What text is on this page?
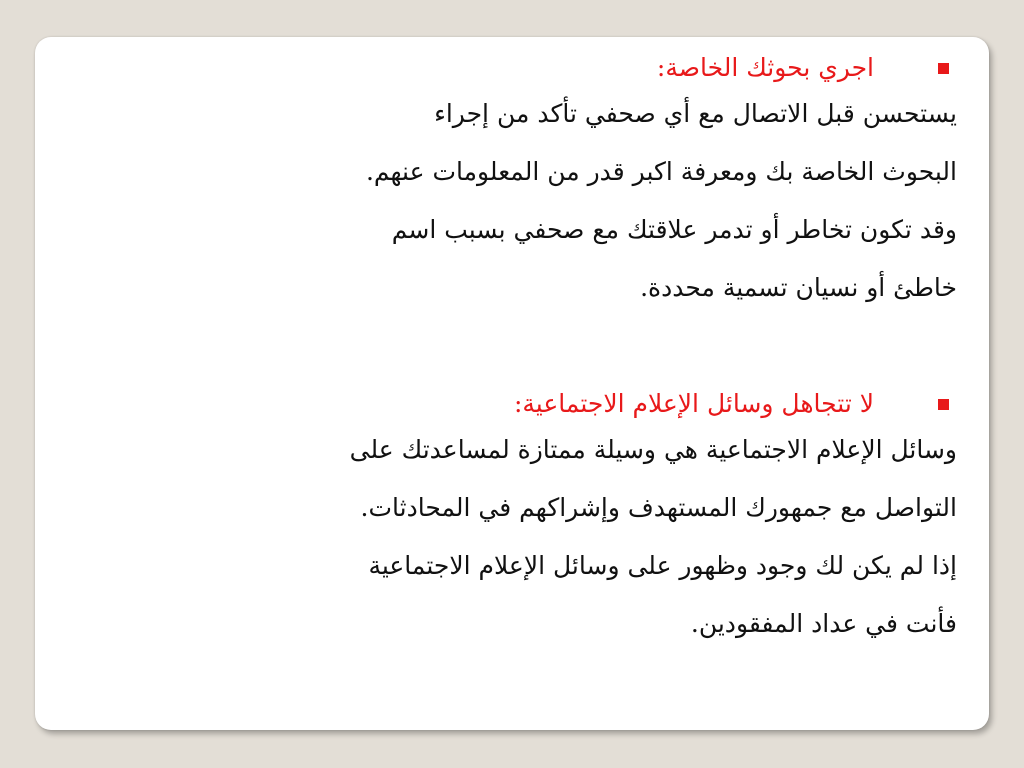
اجري بحوثك الخاصة:

يستحسن قبل الاتصال مع أي صحفي تأكد من إجراء
البحوث الخاصة بك ومعرفة اكبر قدر من المعلومات عنهم.
وقد تكون تخاطر أو تدمر علاقتك مع صحفي بسبب اسم
خاطئ أو نسيان تسمية محددة.

لا تتجاهل وسائل الإعلام الاجتماعية:

وسائل الإعلام الاجتماعية هي وسيلة ممتازة لمساعدتك على
التواصل مع جمهورك المستهدف وإشراكهم في المحادثات.
إذا لم يكن لك وجود وظهور على وسائل الإعلام الاجتماعية
فأنت في عداد المفقودين.
